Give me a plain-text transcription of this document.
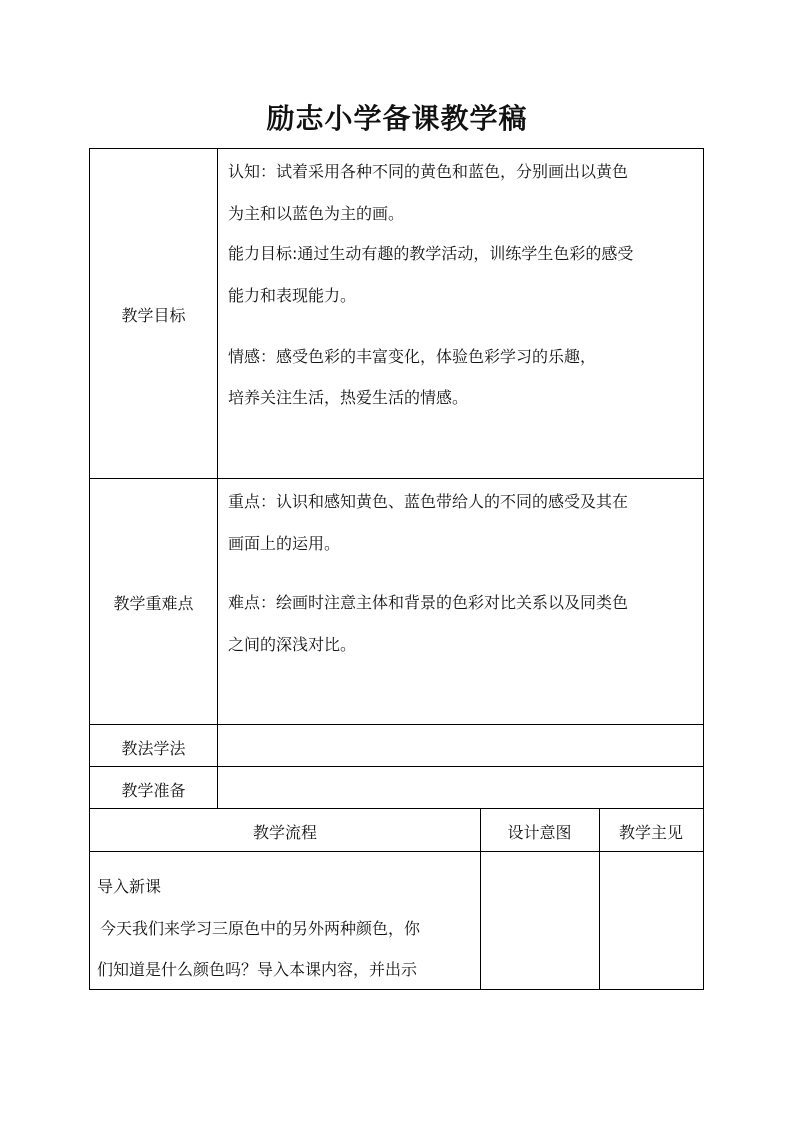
励志小学备课教学稿
教学目标
认知：试着采用各种不同的黄色和蓝色，分别画出以黄色
为主和以蓝色为主的画。
能力目标:通过生动有趣的教学活动，训练学生色彩的感受
能力和表现能力。
情感：感受色彩的丰富变化，体验色彩学习的乐趣，
培养关注生活，热爱生活的情感。
教学重难点
重点：认识和感知黄色、蓝色带给人的不同的感受及其在
画面上的运用。
难点：绘画时注意主体和背景的色彩对比关系以及同类色
之间的深浅对比。
教法学法
教学准备
教学流程	设计意图	教学主见
导入新课
今天我们来学习三原色中的另外两种颜色，你
们知道是什么颜色吗？导入本课内容，并出示
